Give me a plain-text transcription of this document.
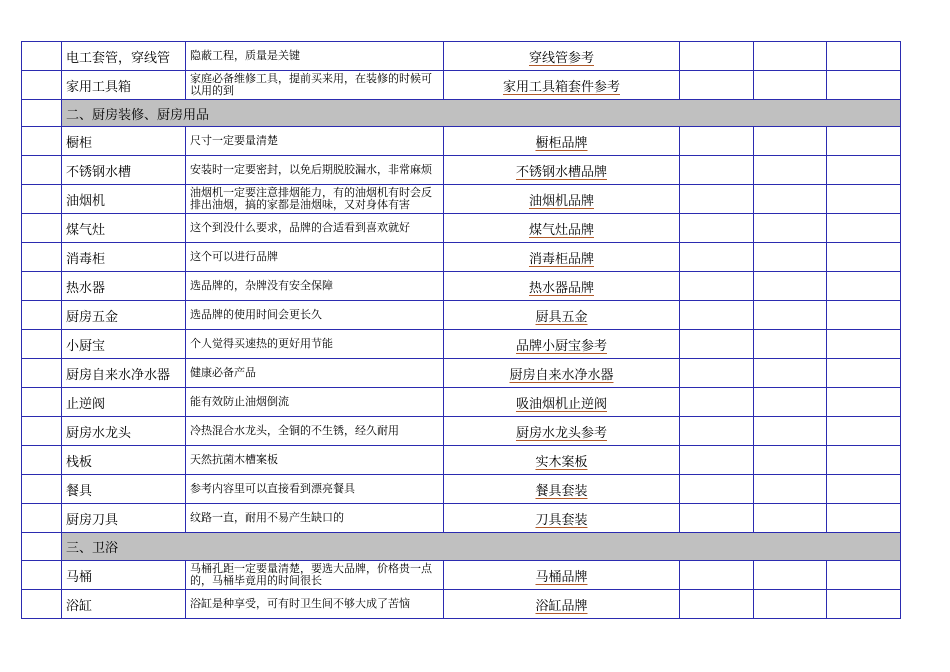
	电工套管，穿线管	隐蔽工程，质量是关键	穿线管参考			
	家用工具箱	家庭必备维修工具，提前买来用，在装修的时候可以用的到	家用工具箱套件参考			
	二、厨房装修、厨房用品					
	橱柜	尺寸一定要量清楚	橱柜品牌			
	不锈钢水槽	安装时一定要密封，以免后期脱胶漏水，非常麻烦	不锈钢水槽品牌			
	油烟机	油烟机一定要注意排烟能力，有的油烟机有时会反排出油烟，搞的家都是油烟味，又对身体有害	油烟机品牌			
	煤气灶	这个到没什么要求，品牌的合适看到喜欢就好	煤气灶品牌			
	消毒柜	这个可以进行品牌	消毒柜品牌			
	热水器	选品牌的，杂牌没有安全保障	热水器品牌			
	厨房五金	选品牌的使用时间会更长久	厨具五金			
	小厨宝	个人觉得买速热的更好用节能	品牌小厨宝参考			
	厨房自来水净水器	健康必备产品	厨房自来水净水器			
	止逆阀	能有效防止油烟倒流	吸油烟机止逆阀			
	厨房水龙头	冷热混合水龙头，全铜的不生锈，经久耐用	厨房水龙头参考			
	栈板	天然抗菌木槽案板	实木案板			
	餐具	参考内容里可以直接看到漂亮餐具	餐具套装			
	厨房刀具	纹路一直，耐用不易产生缺口的	刀具套装			
	三、卫浴					
	马桶	马桶孔距一定要量清楚，要选大品牌，价格贵一点的，马桶毕竟用的时间很长	马桶品牌			
	浴缸	浴缸是种享受，可有时卫生间不够大成了苦恼	浴缸品牌			
